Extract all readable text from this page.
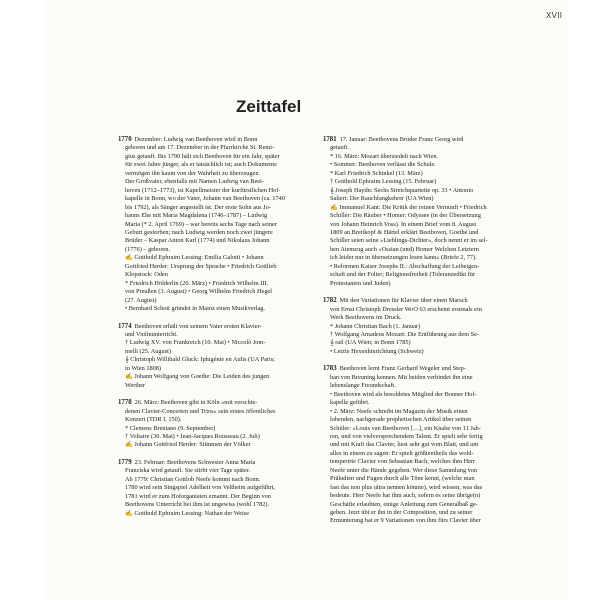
XVII
Zeittafel
1770 Dezember: Ludwig van Beethoven wird in Bonn
geboren und am 17. Dezember in der Pfarrkirche St. Remi-
gius getauft. Bis 1790 hält sich Beethoven für ein Jahr, später
für zwei Jahre jünger, als er tatsächlich ist; auch Dokumente
vermögen ihn kaum von der Wahrheit zu überzeugen.
Der Großvater, ebenfalls mit Namen Ludwig van Beet-
hoven (1712–1773), ist Kapellmeister der kurfürstlichen Hof-
kapelle in Bonn, wo der Vater, Johann van Beethoven (ca. 1740
bis 1792), als Sänger angestellt ist. Der erste Sohn aus Jo-
hanns Ehe mit Maria Magdalena (1746–1787) – Ludwig
Maria (* 2. April 1769) – war bereits sechs Tage nach seiner
Geburt gestorben; nach Ludwig werden noch zwei jüngere
Brüder – Kaspar Anton Karl (1774) und Nikolaus Johann
(1776) – geboren.
✍ Gotthold Ephraim Lessing: Emilia Galotti • Johann
Gottfried Herder: Ursprung der Sprache • Friedrich Gottlieb
Klopstock: Oden
* Friedrich Hölderlin (20. März) • Friedrich Wilhelm III.
von Preußen (3. August) • Georg Wilhelm Friedrich Hegel
(27. August)
• Bernhard Schott gründet in Mainz einen Musikverlag.
1774 Beethoven erhält von seinem Vater ersten Klavier-
und Violinunterricht.
† Ludwig XV. von Frankreich (10. Mai) • Niccolò Jom-
melli (25. August)
𝄞 Christoph Willibald Gluck: Iphigénie en Aulis (UA Paris;
in Wien 1808)
✍ Johann Wolfgang von Goethe: Die Leiden des jungen
Werther
1778 26. März: Beethoven gibt in Köln »mit verschie-
denen Clavier-Concerten und Trios« sein erstes öffentliches
Konzert (TDR I, 150).
* Clemens Brentano (9. September)
† Voltaire (30. Mai) • Jean-Jacques Rousseau (2. Juli)
✍ Johann Gottfried Herder: Stimmen der Völker
1779 23. Februar: Beethovens Schwester Anna Maria
Franziska wird getauft. Sie stirbt vier Tage später.
Ab 1779: Christian Gottlob Neefe kommt nach Bonn.
1780 wird sein Singspiel Adelheit von Veltheim aufgeführt,
1781 wird er zum Hoforganisten ernannt. Der Beginn von
Beethovens Unterricht bei ihm ist ungewiss (wohl 1782).
✍ Gotthold Ephraim Lessing: Nathan der Weise
1781 17. Januar: Beethovens Bruder Franz Georg wird
getauft.
* 16. März: Mozart übersiedelt nach Wien.
• Sommer: Beethoven verlässt die Schule.
* Karl Friedrich Schinkel (13. März)
† Gotthold Ephraim Lessing (15. Februar)
𝄞 Joseph Haydn: Sechs Streichquartette op. 33 • Antonio
Salieri: Der Rauchfangkehrer (UA Wien)
✍ Immanuel Kant: Die Kritik der reinen Vernunft • Friedrich
Schiller: Die Räuber • Homer: Odyssee (in der Übersetzung
von Johann Heinrich Voss). In einem Brief vom 8. August
1809 an Breitkopf & Härtel erklärt Beethoven, Goethe und
Schiller seien seine »Lieblings-Dichter«, doch nennt er im sel-
ben Atemzug auch »Ossian (und) Homer Welchen Letztern
ich leider nur in übersetzungen lesen kann« (Briefe 2, 77).
• Reformen Kaiser Josephs II.: Abschaffung der Leibeigen-
schaft und der Folter; Religionsfreiheit (Toleranzedikt für
Protestanten und Juden)
1782 Mit den Variationen für Klavier über einen Marsch
von Ernst Christoph Dressler WoO 63 erscheint erstmals ein
Werk Beethovens im Druck.
* Johann Christian Bach (1. Januar)
† Wolfgang Amadeus Mozart: Die Entführung aus dem Se-
𝄞 rail (UA Wien; in Bonn 1785)
• Letzte Hexenhinrichtung (Schweiz)
1783 Beethoven lernt Franz Gerhard Wegeler und Step-
han von Breuning kennen. Mit beiden verbindet ihn eine
lebenslange Freundschaft.
• Beethoven wird als besoldetes Mitglied der Bonner Hof-
kapelle geführt.
• 2. März: Neefe schreibt im Magazin der Musik einen
lobenden, nachgerade prophetischen Artikel über seinen
Schüler: »Louis van Beethoven […], ein Knabe von 11 Jah-
ren, und von vielversprechendem Talent. Er spielt sehr fertig
und mit Kraft das Clavier, liest sehr gut vom Blatt, und um
alles in einem zu sagen: Er spielt größtentheils das wohl-
temperirte Clavier von Sebastian Bach, welches ihm Herr
Neefe unter die Hände gegeben. Wer diese Sammlung von
Präludien und Fugen durch alle Töne kennt, (welche man
fast das non plus ultra nennen könnte), wird wissen, was das
bedeute. Herr Neefe hat ihm auch, sofern es seine übrige(n)
Geschäfte erlaubten, einige Anleitung zum Generalbaß ge-
geben. Jetzt übt er ihn in der Composition, und zu seiner
Ermunterung hat er 9 Variationen von ihm fürs Clavier über
